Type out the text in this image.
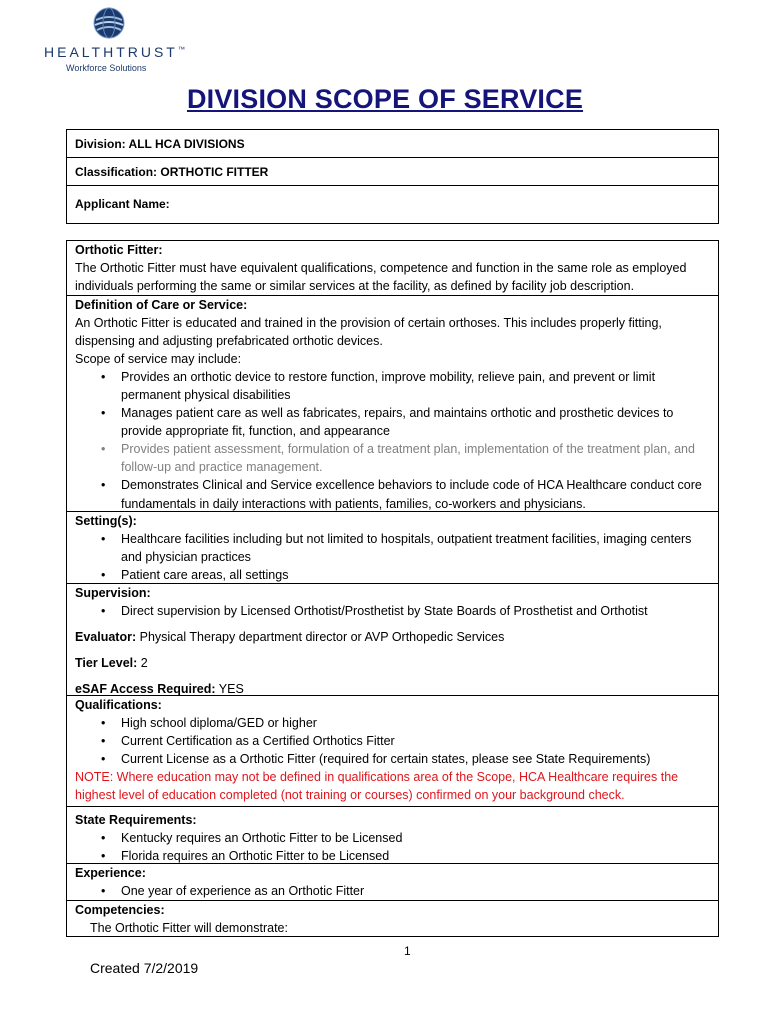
HEALTHTRUST™
Workforce Solutions
DIVISION SCOPE OF SERVICE
Division: ALL HCA DIVISIONS
Classification: ORTHOTIC FITTER
Applicant Name:
Orthotic Fitter:
The Orthotic Fitter must have equivalent qualifications, competence and function in the same role as employed individuals performing the same or similar services at the facility, as defined by facility job description.
Definition of Care or Service:
An Orthotic Fitter is educated and trained in the provision of certain orthoses. This includes properly fitting, dispensing and adjusting prefabricated orthotic devices.
Scope of service may include:
• Provides an orthotic device to restore function, improve mobility, relieve pain, and prevent or limit permanent physical disabilities
• Manages patient care as well as fabricates, repairs, and maintains orthotic and prosthetic devices to provide appropriate fit, function, and appearance
• Provides patient assessment, formulation of a treatment plan, implementation of the treatment plan, and follow-up and practice management.
• Demonstrates Clinical and Service excellence behaviors to include code of HCA Healthcare conduct core fundamentals in daily interactions with patients, families, co-workers and physicians.
Setting(s):
• Healthcare facilities including but not limited to hospitals, outpatient treatment facilities, imaging centers and physician practices
• Patient care areas, all settings
Supervision:
• Direct supervision by Licensed Orthotist/Prosthetist by State Boards of Prosthetist and Orthotist
Evaluator: Physical Therapy department director or AVP Orthopedic Services
Tier Level: 2
eSAF Access Required: YES
Qualifications:
• High school diploma/GED or higher
• Current Certification as a Certified Orthotics Fitter
• Current License as a Orthotic Fitter (required for certain states, please see State Requirements)
NOTE: Where education may not be defined in qualifications area of the Scope, HCA Healthcare requires the highest level of education completed (not training or courses) confirmed on your background check.
State Requirements:
• Kentucky requires an Orthotic Fitter to be Licensed
• Florida requires an Orthotic Fitter to be Licensed
Experience:
• One year of experience as an Orthotic Fitter
Competencies:
The Orthotic Fitter will demonstrate:
1
Created 7/2/2019
